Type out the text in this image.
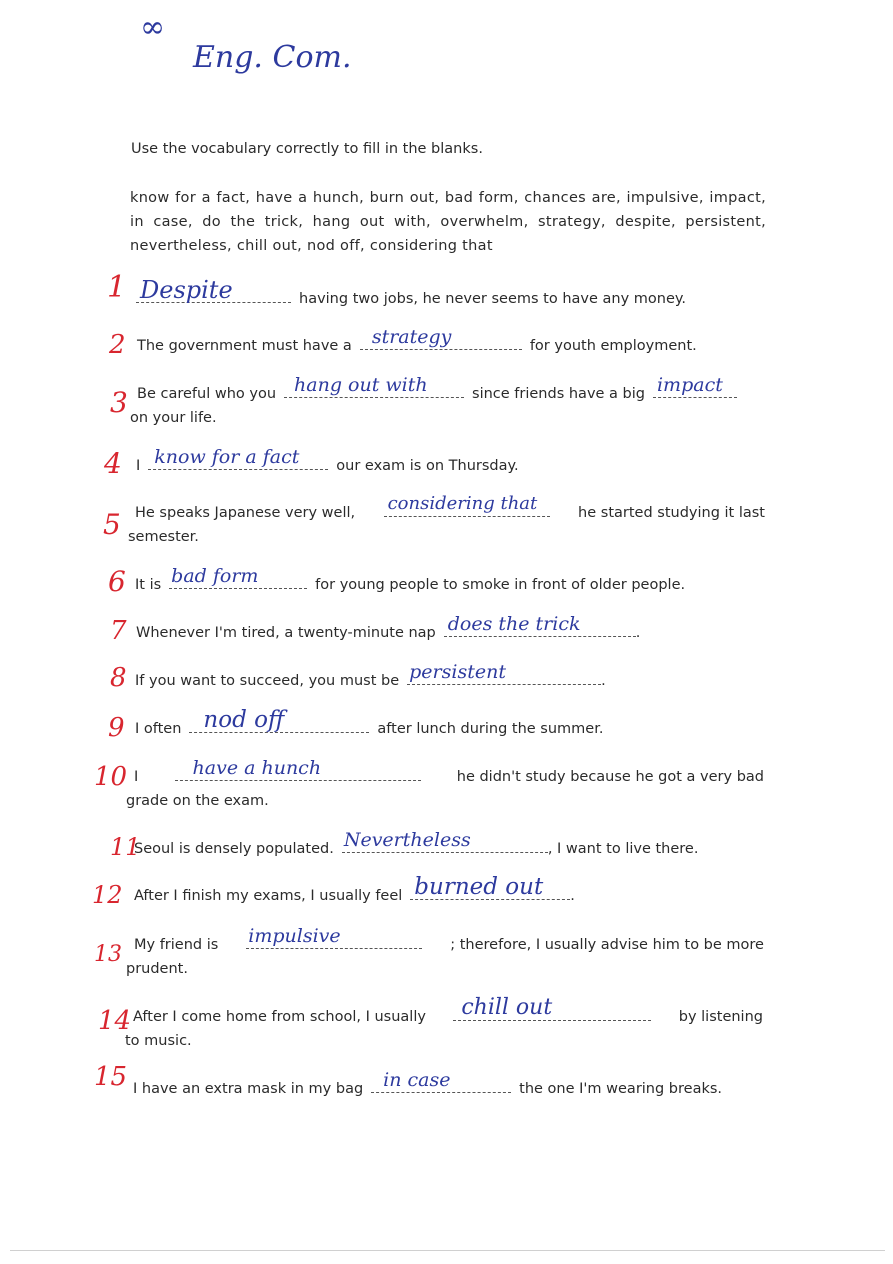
∞
Eng. Com.
Use the vocabulary correctly to fill in the blanks.
know for a fact, have a hunch, burn out, bad form, chances are, impulsive, impact, in case, do the trick, hang out with, overwhelm, strategy, despite, persistent, nevertheless, chill out, nod off, considering that
1 Despite	having two jobs, he never seems to have any money.
2 The government must have a strategy	for youth employment.
3 Be careful who you hang out with	since friends have a big impact
on your life.
4 I know for a fact	our exam is on Thursday.
5 He speaks Japanese very well, considering that	he started studying it last
semester.
6 It is bad form	for young people to smoke in front of older people.
7 Whenever I'm tired, a twenty-minute nap does the trick	.
8 If you want to succeed, you must be persistent	.
9 I often nod off	after lunch during the summer.
10 I	have a hunch	he didn't study because he got a very bad
grade on the exam.
11
Seoul is densely populated. Nevertheless	, I want to live there.
12 After I finish my exams, I usually feel burned out .
13 My friend is impulsive	; therefore, I usually advise him to be more
prudent.
14 After I come home from school, I usually chill out	by listening
to music.
15 I have an extra mask in my bag in case	the one I'm wearing breaks.
